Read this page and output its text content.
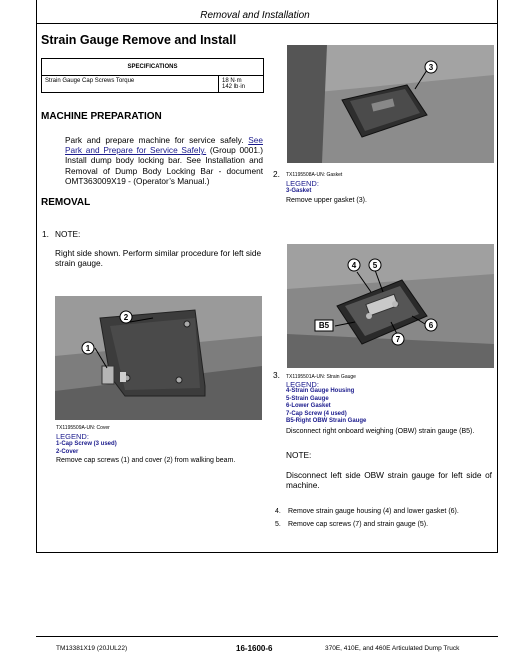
Removal and Installation
Strain Gauge Remove and Install
SPECIFICATIONS
Strain Gauge Cap Screws Torque	18 N·m
142 lb·in
MACHINE PREPARATION
Park and prepare machine for service safely. See Park and Prepare for Service Safely. (Group 0001.) Install dump body locking bar. See Installation and Removal of Dump Body Locking Bar - document OMT363009X19 - (Operator’s Manual.)
REMOVAL
1. NOTE:
Right side shown. Perform similar procedure for left side strain gauge.
2
1
TX1195509A-UN: Cover
LEGEND:
1-Cap Screw (3 used)
2-Cover
Remove cap screws (1) and cover (2) from walking beam.
3
2. TX1195508A-UN: Gasket
LEGEND:
3-Gasket
Remove upper gasket (3).
4 5
B5	6
7
3. TX1195501A-UN: Strain Gauge
LEGEND:
4-Strain Gauge Housing
5-Strain Gauge
6-Lower Gasket
7-Cap Screw (4 used)
B5-Right OBW Strain Gauge
Disconnect right onboard weighing (OBW) strain gauge (B5).
NOTE:
Disconnect left side OBW strain gauge for left side of machine.
4. Remove strain gauge housing (4) and lower gasket (6).
5. Remove cap screws (7) and strain gauge (5).
TM13381X19 (20JUL22)	16-1600-6	370E, 410E, and 460E Articulated Dump Truck
